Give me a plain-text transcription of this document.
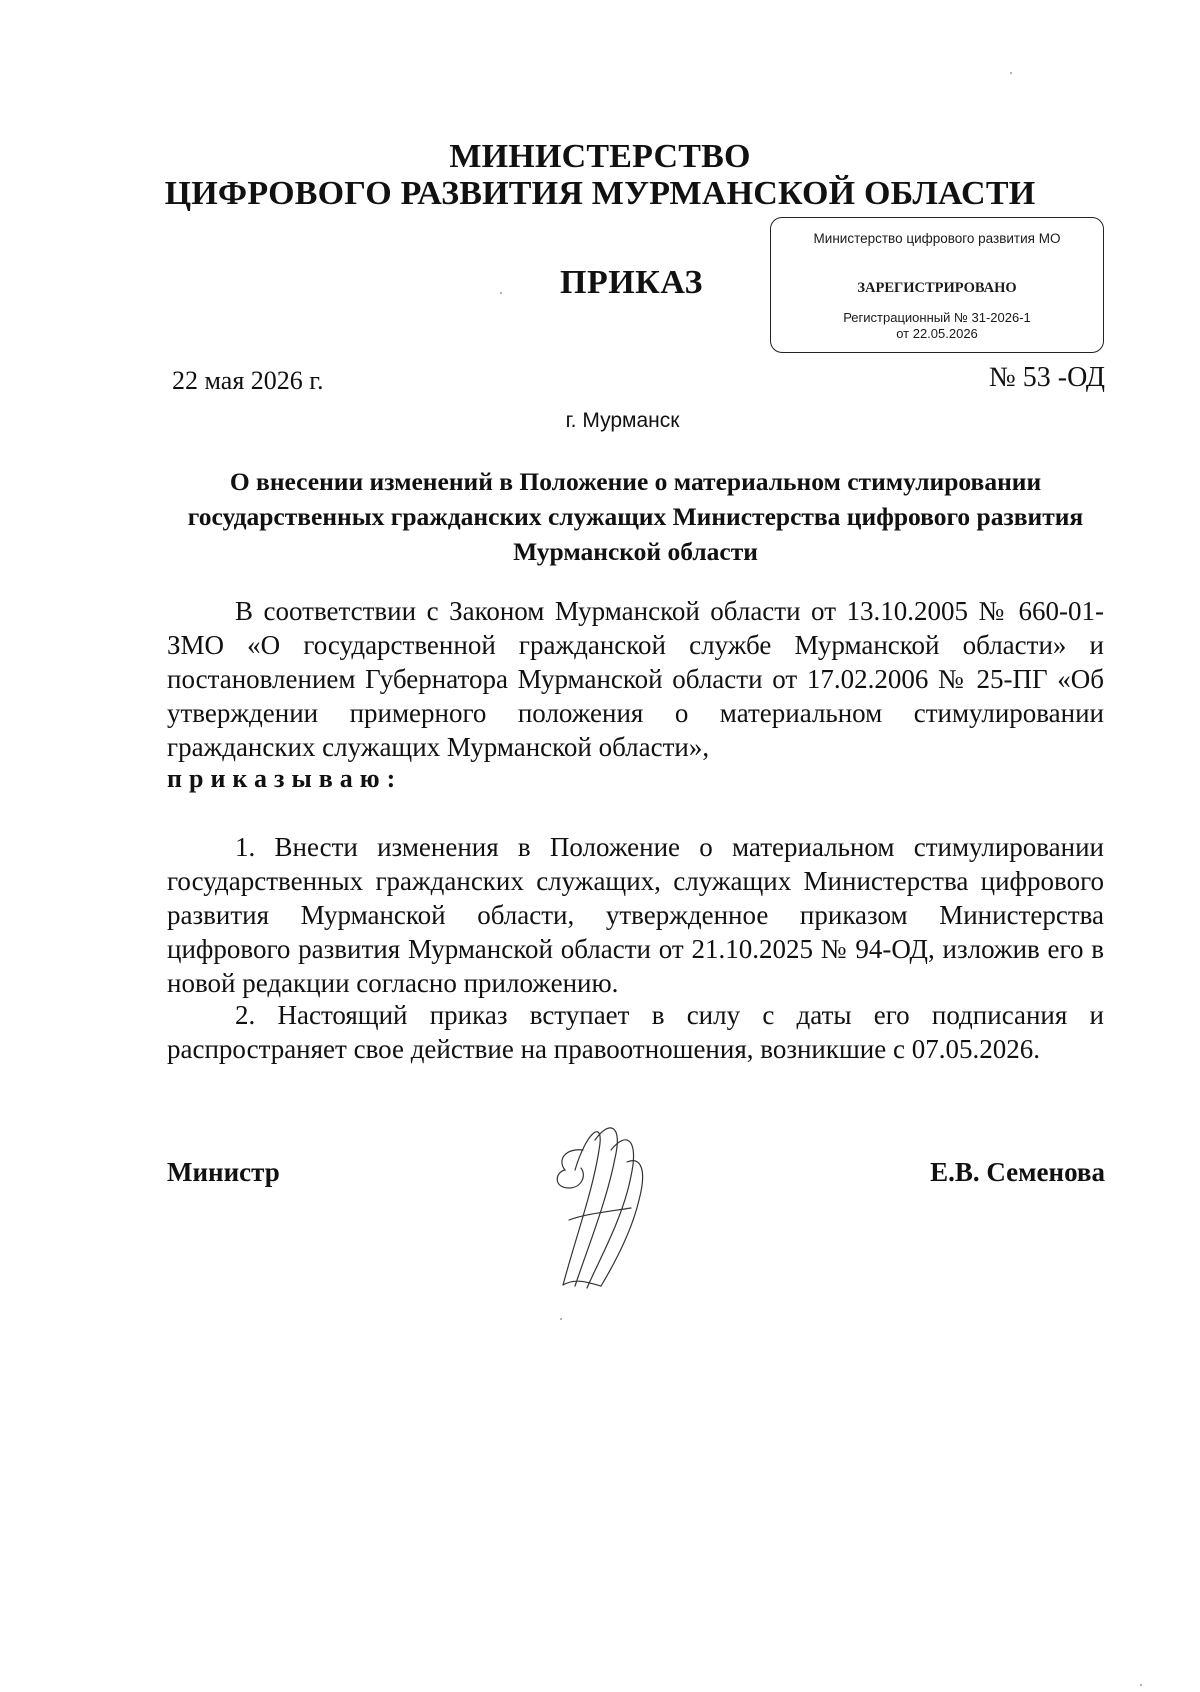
МИНИСТЕРСТВО
ЦИФРОВОГО РАЗВИТИЯ МУРМАНСКОЙ ОБЛАСТИ
Министерство цифрового развития МО
ЗАРЕГИСТРИРОВАНО
Регистрационный № 31-2026-1
от 22.05.2026
ПРИКАЗ
22 мая 2026 г.	№ 53 -ОД
г. Мурманск
О внесении изменений в Положение о материальном стимулировании государственных гражданских служащих Министерства цифрового развития Мурманской области
В соответствии с Законом Мурманской области от 13.10.2005 № 660-01-ЗМО «О государственной гражданской службе Мурманской области» и постановлением Губернатора Мурманской области от 17.02.2006 № 25-ПГ «Об утверждении примерного положения о материальном стимулировании гражданских служащих Мурманской области»,
приказываю:
1. Внести изменения в Положение о материальном стимулировании государственных гражданских служащих, служащих Министерства цифрового развития Мурманской области, утвержденное приказом Министерства цифрового развития Мурманской области от 21.10.2025 № 94-ОД, изложив его в новой редакции согласно приложению.
2. Настоящий приказ вступает в силу с даты его подписания и распространяет свое действие на правоотношения, возникшие с 07.05.2026.
Министр	Е.В. Семенова
